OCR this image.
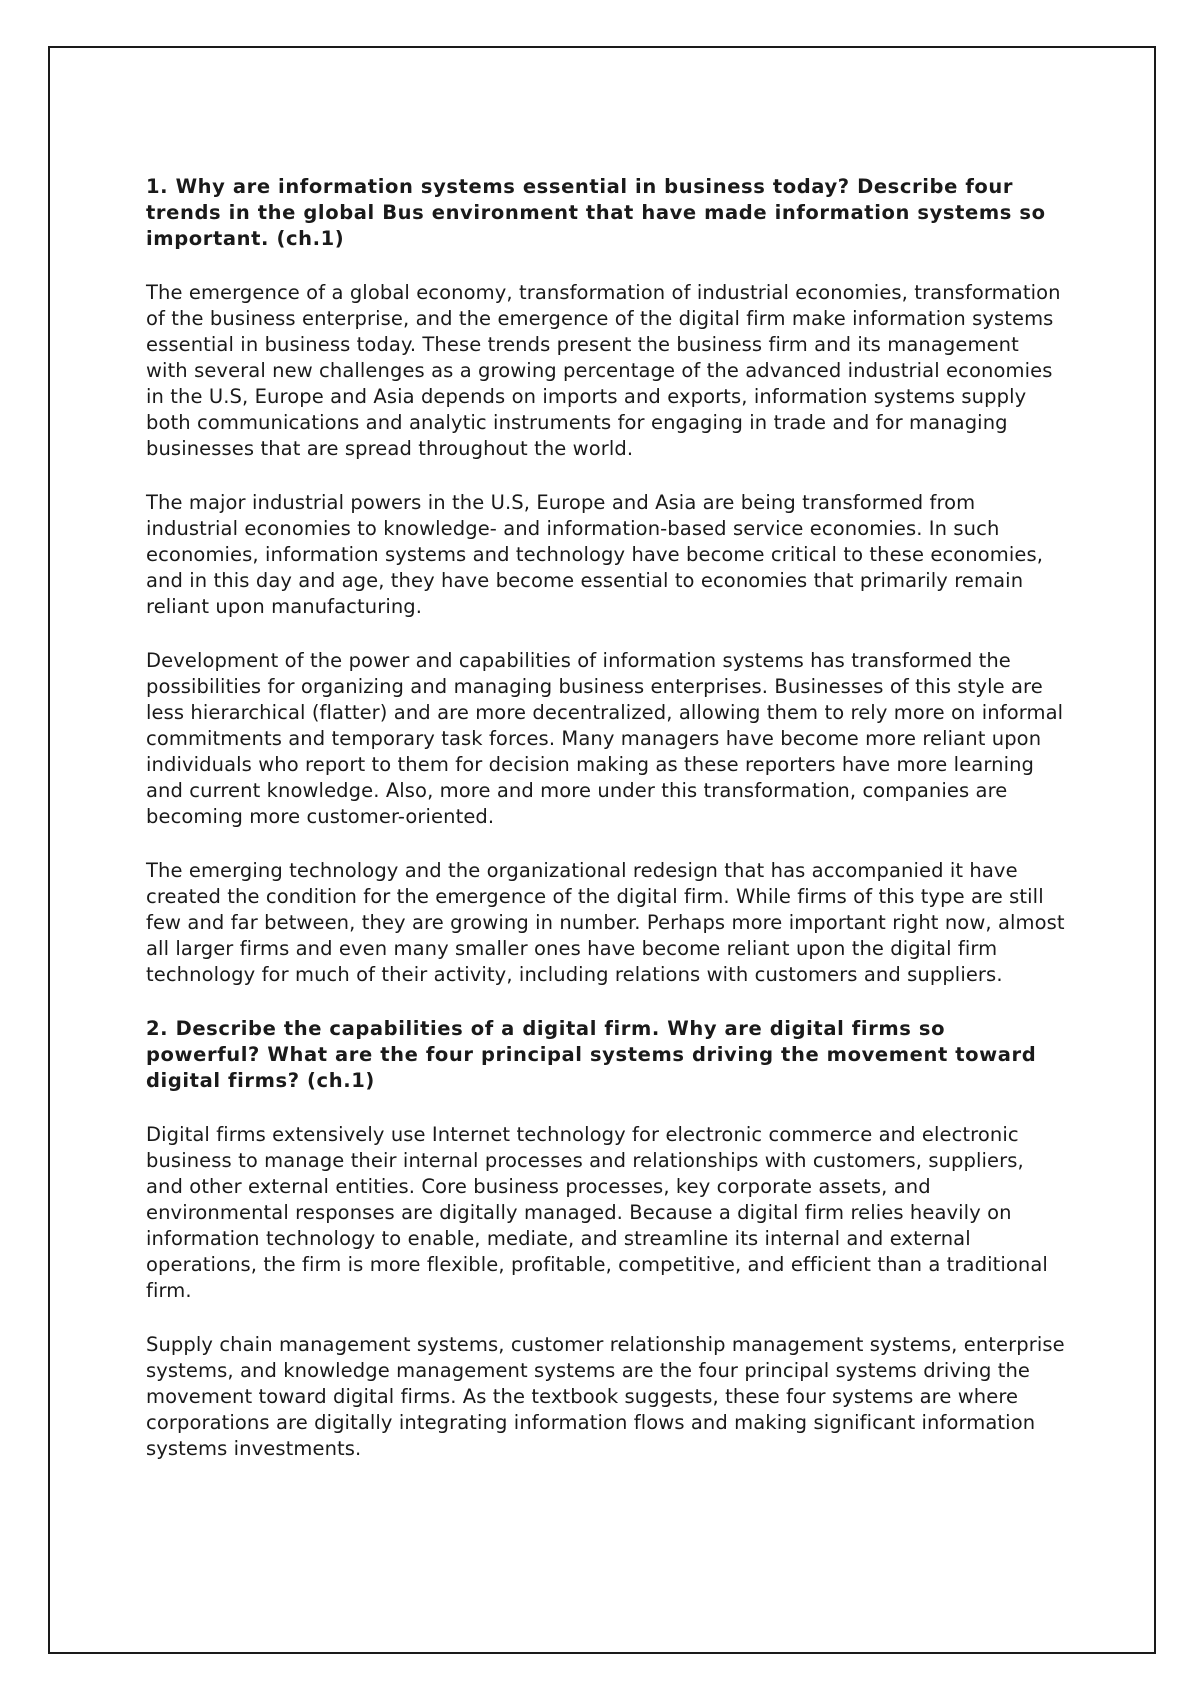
1. Why are information systems essential in business today? Describe four trends in the global Bus environment that have made information systems so important. (ch.1)

The emergence of a global economy, transformation of industrial economies, transformation of the business enterprise, and the emergence of the digital firm make information systems essential in business today. These trends present the business firm and its management with several new challenges as a growing percentage of the advanced industrial economies in the U.S, Europe and Asia depends on imports and exports, information systems supply both communications and analytic instruments for engaging in trade and for managing businesses that are spread throughout the world.

The major industrial powers in the U.S, Europe and Asia are being transformed from industrial economies to knowledge- and information-based service economies. In such economies, information systems and technology have become critical to these economies, and in this day and age, they have become essential to economies that primarily remain reliant upon manufacturing.

Development of the power and capabilities of information systems has transformed the possibilities for organizing and managing business enterprises. Businesses of this style are less hierarchical (flatter) and are more decentralized, allowing them to rely more on informal commitments and temporary task forces. Many managers have become more reliant upon individuals who report to them for decision making as these reporters have more learning and current knowledge. Also, more and more under this transformation, companies are becoming more customer-oriented.

The emerging technology and the organizational redesign that has accompanied it have created the condition for the emergence of the digital firm. While firms of this type are still few and far between, they are growing in number. Perhaps more important right now, almost all larger firms and even many smaller ones have become reliant upon the digital firm technology for much of their activity, including relations with customers and suppliers.

2. Describe the capabilities of a digital firm. Why are digital firms so powerful? What are the four principal systems driving the movement toward digital firms? (ch.1)

Digital firms extensively use Internet technology for electronic commerce and electronic business to manage their internal processes and relationships with customers, suppliers, and other external entities. Core business processes, key corporate assets, and environmental responses are digitally managed. Because a digital firm relies heavily on information technology to enable, mediate, and streamline its internal and external operations, the firm is more flexible, profitable, competitive, and efficient than a traditional firm.

Supply chain management systems, customer relationship management systems, enterprise systems, and knowledge management systems are the four principal systems driving the movement toward digital firms. As the textbook suggests, these four systems are where corporations are digitally integrating information flows and making significant information systems investments.
